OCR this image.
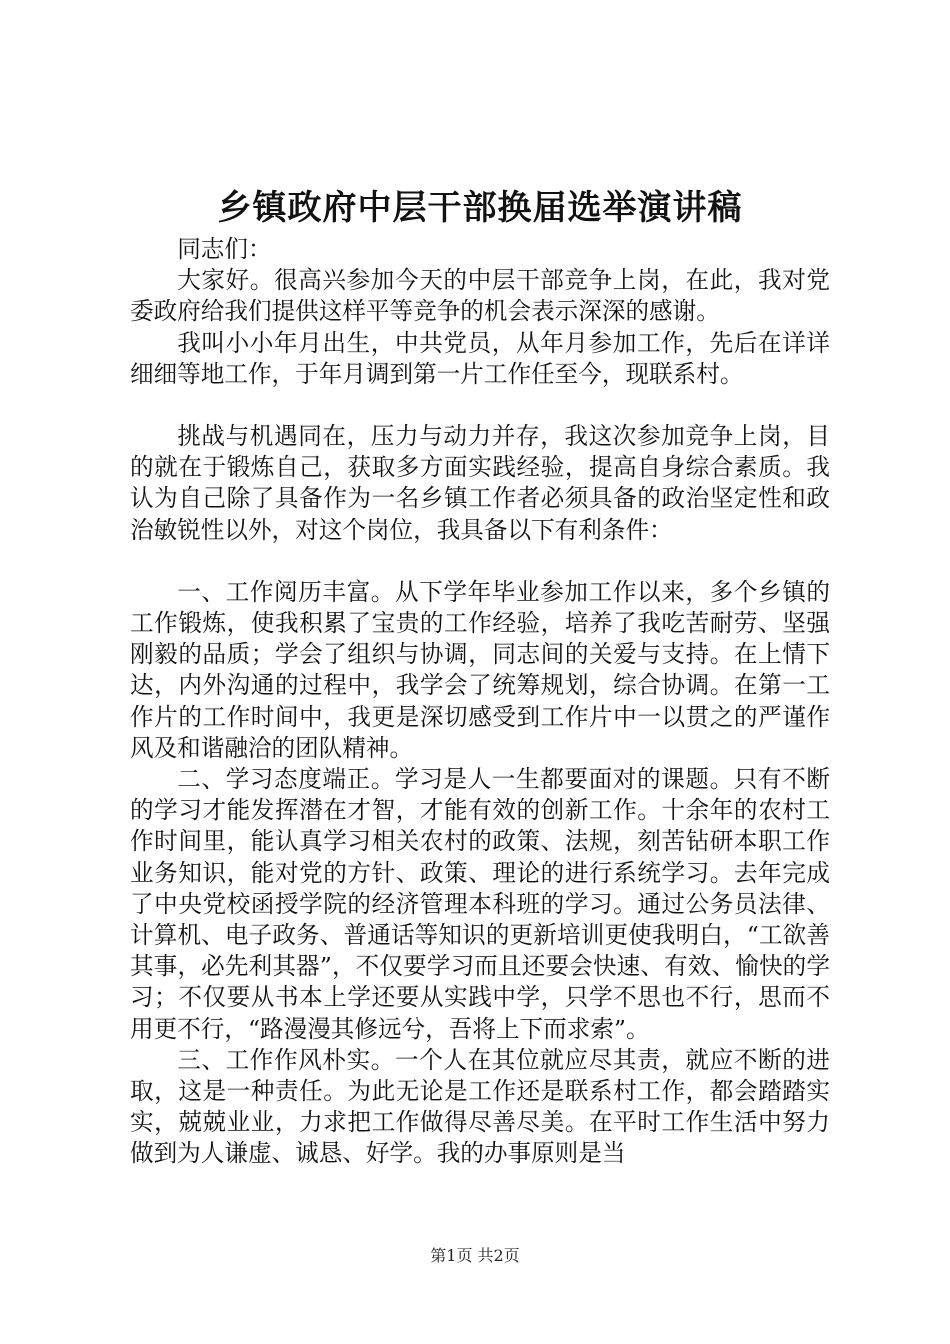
乡镇政府中层干部换届选举演讲稿

同志们：

大家好。很高兴参加今天的中层干部竞争上岗，在此，我对党委政府给我们提供这样平等竞争的机会表示深深的感谢。

我叫小小年月出生，中共党员，从年月参加工作，先后在详详细细等地工作，于年月调到第一片工作任至今，现联系村。

挑战与机遇同在，压力与动力并存，我这次参加竞争上岗，目的就在于锻炼自己，获取多方面实践经验，提高自身综合素质。我认为自己除了具备作为一名乡镇工作者必须具备的政治坚定性和政治敏锐性以外，对这个岗位，我具备以下有利条件：

一、工作阅历丰富。从下学年毕业参加工作以来，多个乡镇的工作锻炼，使我积累了宝贵的工作经验，培养了我吃苦耐劳、坚强刚毅的品质；学会了组织与协调，同志间的关爱与支持。在上情下达，内外沟通的过程中，我学会了统筹规划，综合协调。在第一工作片的工作时间中，我更是深切感受到工作片中一以贯之的严谨作风及和谐融洽的团队精神。

二、学习态度端正。学习是人一生都要面对的课题。只有不断的学习才能发挥潜在才智，才能有效的创新工作。十余年的农村工作时间里，能认真学习相关农村的政策、法规，刻苦钻研本职工作业务知识，能对党的方针、政策、理论的进行系统学习。去年完成了中央党校函授学院的经济管理本科班的学习。通过公务员法律、计算机、电子政务、普通话等知识的更新培训更使我明白，“工欲善其事，必先利其器”，不仅要学习而且还要会快速、有效、愉快的学习；不仅要从书本上学还要从实践中学，只学不思也不行，思而不用更不行，“路漫漫其修远兮，吾将上下而求索”。

三、工作作风朴实。一个人在其位就应尽其责，就应不断的进取，这是一种责任。为此无论是工作还是联系村工作，都会踏踏实实，兢兢业业，力求把工作做得尽善尽美。在平时工作生活中努力做到为人谦虚、诚恳、好学。我的办事原则是当

第1页 共2页
